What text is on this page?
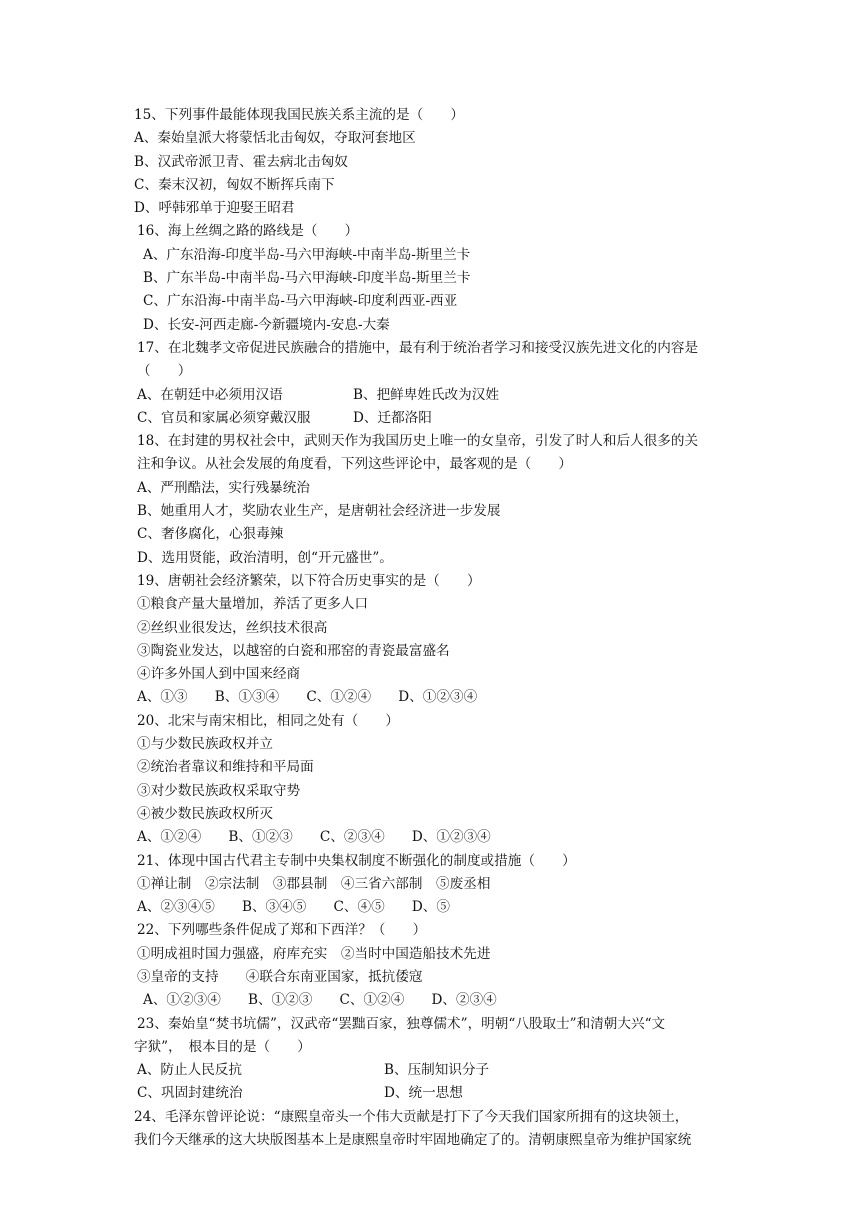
15、下列事件最能体现我国民族关系主流的是（　　）
A、秦始皇派大将蒙恬北击匈奴，夺取河套地区
B、汉武帝派卫青、霍去病北击匈奴
C、秦末汉初，匈奴不断挥兵南下
D、呼韩邪单于迎娶王昭君
16、海上丝绸之路的路线是（　　）
A、广东沿海-印度半岛-马六甲海峡-中南半岛-斯里兰卡
B、广东半岛-中南半岛-马六甲海峡-印度半岛-斯里兰卡
C、广东沿海-中南半岛-马六甲海峡-印度利西亚-西亚
D、长安-河西走廊-今新疆境内-安息-大秦
17、在北魏孝文帝促进民族融合的措施中，最有利于统治者学习和接受汉族先进文化的内容是
（　　）
A、在朝廷中必须用汉语	B、把鲜卑姓氏改为汉姓
C、官员和家属必须穿戴汉服	D、迁都洛阳
18、在封建的男权社会中，武则天作为我国历史上唯一的女皇帝，引发了时人和后人很多的关
注和争议。从社会发展的角度看，下列这些评论中，最客观的是（　　）
A、严刑酷法，实行残暴统治
B、她重用人才，奖励农业生产，是唐朝社会经济进一步发展
C、奢侈腐化，心狠毒辣
D、选用贤能，政治清明，创“开元盛世”。
19、唐朝社会经济繁荣，以下符合历史事实的是（　　）
①粮食产量大量增加，养活了更多人口
②丝织业很发达，丝织技术很高
③陶瓷业发达，以越窑的白瓷和邢窑的青瓷最富盛名
④许多外国人到中国来经商
A、①③　　B、①③④　　C、①②④　　D、①②③④
20、北宋与南宋相比，相同之处有（　　）
①与少数民族政权并立
②统治者靠议和维持和平局面
③对少数民族政权采取守势
④被少数民族政权所灭
A、①②④　　B、①②③　　C、②③④　　D、①②③④
21、体现中国古代君主专制中央集权制度不断强化的制度或措施（　　）
①禅让制　②宗法制　③郡县制　④三省六部制　⑤废丞相
A、②③④⑤　　B、③④⑤　　C、④⑤　　D、⑤
22、下列哪些条件促成了郑和下西洋？（　　）
①明成祖时国力强盛，府库充实　②当时中国造船技术先进
③皇帝的支持　　④联合东南亚国家，抵抗倭寇
A、①②③④　　B、①②③　　C、①②④　　D、②③④
23、秦始皇“焚书坑儒”，汉武帝“罢黜百家，独尊儒术”，明朝“八股取士”和清朝大兴“文
字狱”，　根本目的是（　　）
A、防止人民反抗	B、压制知识分子
C、巩固封建统治	D、统一思想
24、毛泽东曾评论说：“康熙皇帝头一个伟大贡献是打下了今天我们国家所拥有的这块领土，
我们今天继承的这大块版图基本上是康熙皇帝时牢固地确定了的。清朝康熙皇帝为维护国家统
